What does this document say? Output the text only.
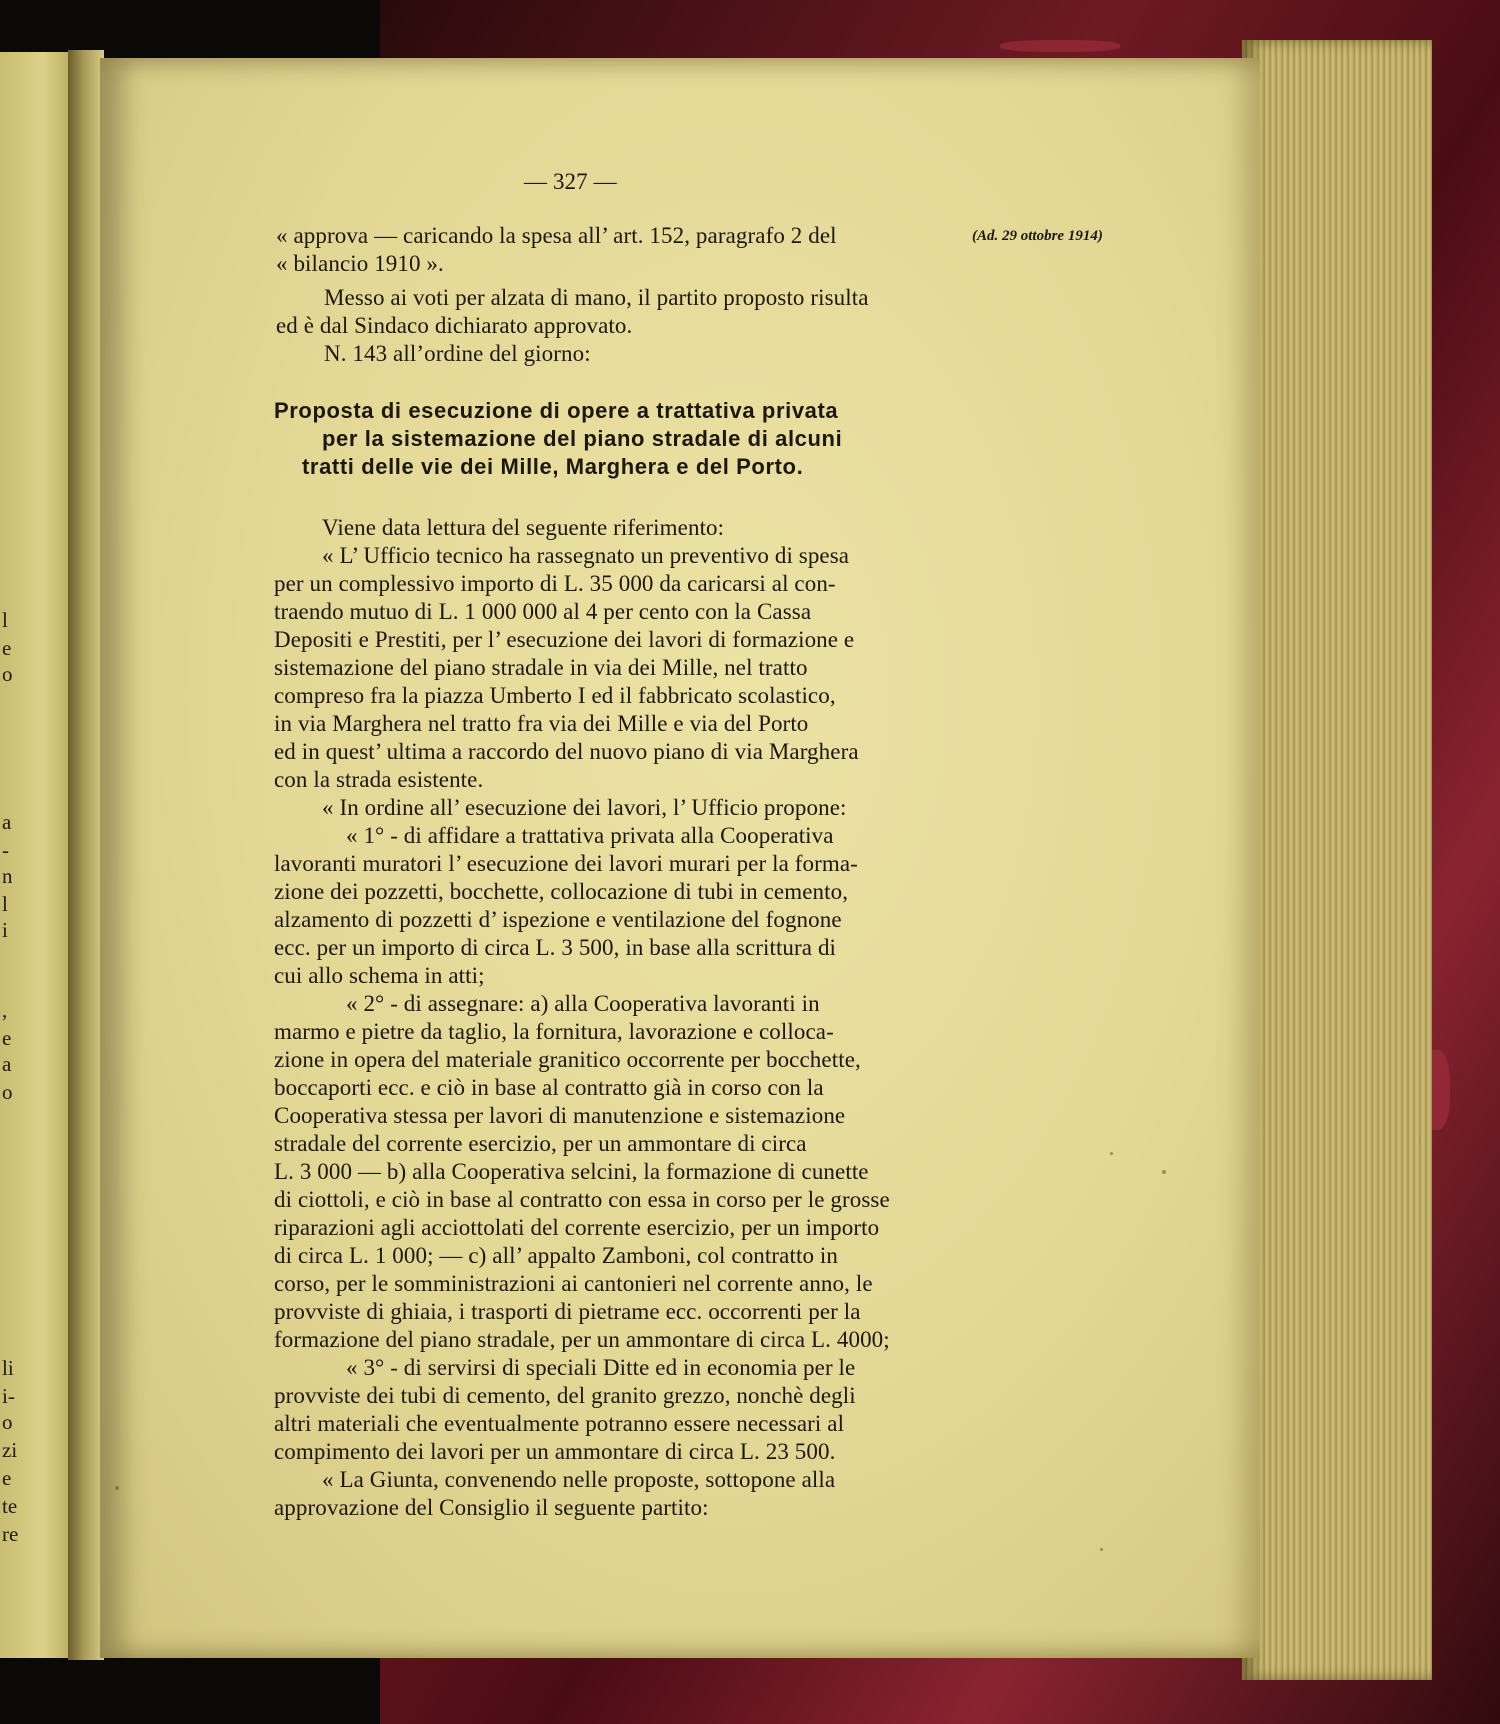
l
e
o
a
-
n
l
i
,
e
a
o
li
i-
o
zi
e
te
re
— 327 —
(Ad. 29 ottobre 1914)
« approva — caricando la spesa all’ art. 152, paragrafo 2 del
« bilancio 1910 ».
Messo ai voti per alzata di mano, il partito proposto risulta
ed è dal Sindaco dichiarato approvato.
N. 143 all’ordine del giorno:
Proposta di esecuzione di opere a trattativa privata
per la sistemazione del piano stradale di alcuni
tratti delle vie dei Mille, Marghera e del Porto.
Viene data lettura del seguente riferimento:
« L’ Ufficio tecnico ha rassegnato un preventivo di spesa
per un complessivo importo di L. 35 000 da caricarsi al con-
traendo mutuo di L. 1 000 000 al 4 per cento con la Cassa
Depositi e Prestiti, per l’ esecuzione dei lavori di formazione e
sistemazione del piano stradale in via dei Mille, nel tratto
compreso fra la piazza Umberto I ed il fabbricato scolastico,
in via Marghera nel tratto fra via dei Mille e via del Porto
ed in quest’ ultima a raccordo del nuovo piano di via Marghera
con la strada esistente.
« In ordine all’ esecuzione dei lavori, l’ Ufficio propone:
« 1° - di affidare a trattativa privata alla Cooperativa
lavoranti muratori l’ esecuzione dei lavori murari per la forma-
zione dei pozzetti, bocchette, collocazione di tubi in cemento,
alzamento di pozzetti d’ ispezione e ventilazione del fognone
ecc. per un importo di circa L. 3 500, in base alla scrittura di
cui allo schema in atti;
« 2° - di assegnare: a) alla Cooperativa lavoranti in
marmo e pietre da taglio, la fornitura, lavorazione e colloca-
zione in opera del materiale granitico occorrente per bocchette,
boccaporti ecc. e ciò in base al contratto già in corso con la
Cooperativa stessa per lavori di manutenzione e sistemazione
stradale del corrente esercizio, per un ammontare di circa
L. 3 000 — b) alla Cooperativa selcini, la formazione di cunette
di ciottoli, e ciò in base al contratto con essa in corso per le grosse
riparazioni agli acciottolati del corrente esercizio, per un importo
di circa L. 1 000; — c) all’ appalto Zamboni, col contratto in
corso, per le somministrazioni ai cantonieri nel corrente anno, le
provviste di ghiaia, i trasporti di pietrame ecc. occorrenti per la
formazione del piano stradale, per un ammontare di circa L. 4000;
« 3° - di servirsi di speciali Ditte ed in economia per le
provviste dei tubi di cemento, del granito grezzo, nonchè degli
altri materiali che eventualmente potranno essere necessari al
compimento dei lavori per un ammontare di circa L. 23 500.
« La Giunta, convenendo nelle proposte, sottopone alla
approvazione del Consiglio il seguente partito:
